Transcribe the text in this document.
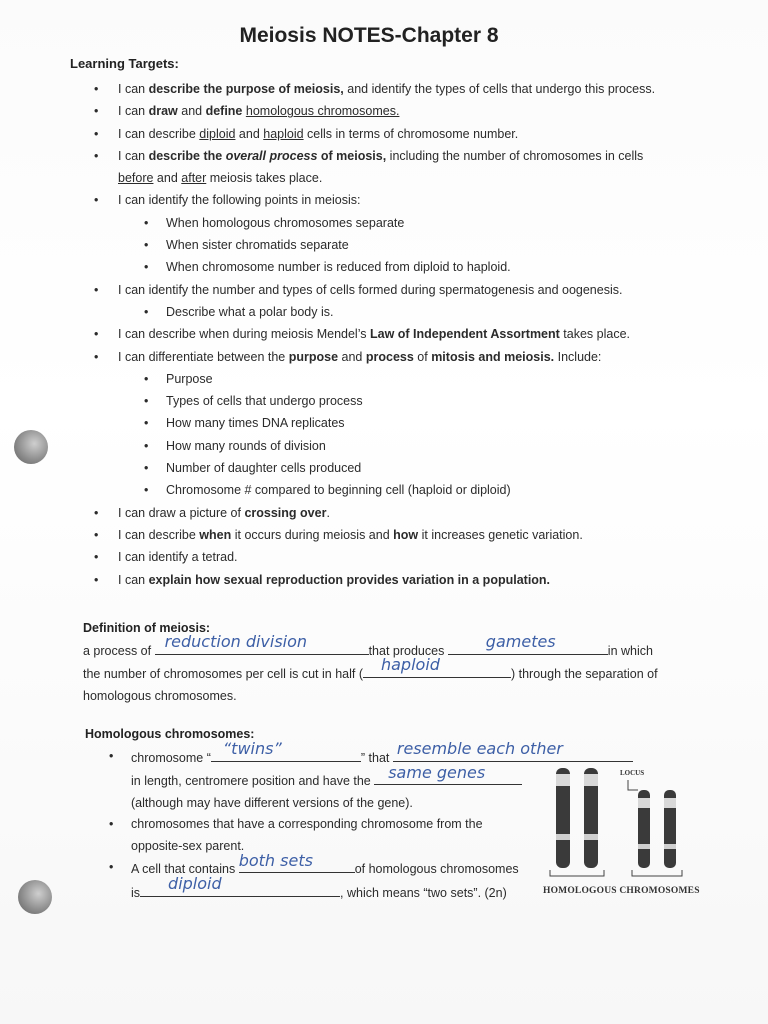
Meiosis NOTES-Chapter 8
Learning Targets:
• I can describe the purpose of meiosis, and identify the types of cells that undergo this process.
• I can draw and define homologous chromosomes.
• I can describe diploid and haploid cells in terms of chromosome number.
• I can describe the overall process of meiosis, including the number of chromosomes in cells
before and after meiosis takes place.
• I can identify the following points in meiosis:
• When homologous chromosomes separate
• When sister chromatids separate
• When chromosome number is reduced from diploid to haploid.
• I can identify the number and types of cells formed during spermatogenesis and oogenesis.
• Describe what a polar body is.
• I can describe when during meiosis Mendel’s Law of Independent Assortment takes place.
• I can differentiate between the purpose and process of mitosis and meiosis. Include:
• Purpose
• Types of cells that undergo process
• How many times DNA replicates
• How many rounds of division
• Number of daughter cells produced
• Chromosome # compared to beginning cell (haploid or diploid)
• I can draw a picture of crossing over.
• I can describe when it occurs during meiosis and how it increases genetic variation.
• I can identify a tetrad.
• I can explain how sexual reproduction provides variation in a population.
Definition of meiosis:
a process of reduction division	that produces gametes	in which
the number of chromosomes per cell is cut in half ( haploid	) through the separation of
homologous chromosomes.
Homologous chromosomes:
• chromosome “ “twins”	” that resemble each other

in length, centromere position and have the same genes

(although may have different versions of the gene).
• chromosomes that have a corresponding chromosome from the
opposite-sex parent.
• A cell that contains both sets	of homologous chromosomes
is diploid	, which means “two sets”. (2n)
LOCUS
HOMOLOGOUS CHROMOSOMES
